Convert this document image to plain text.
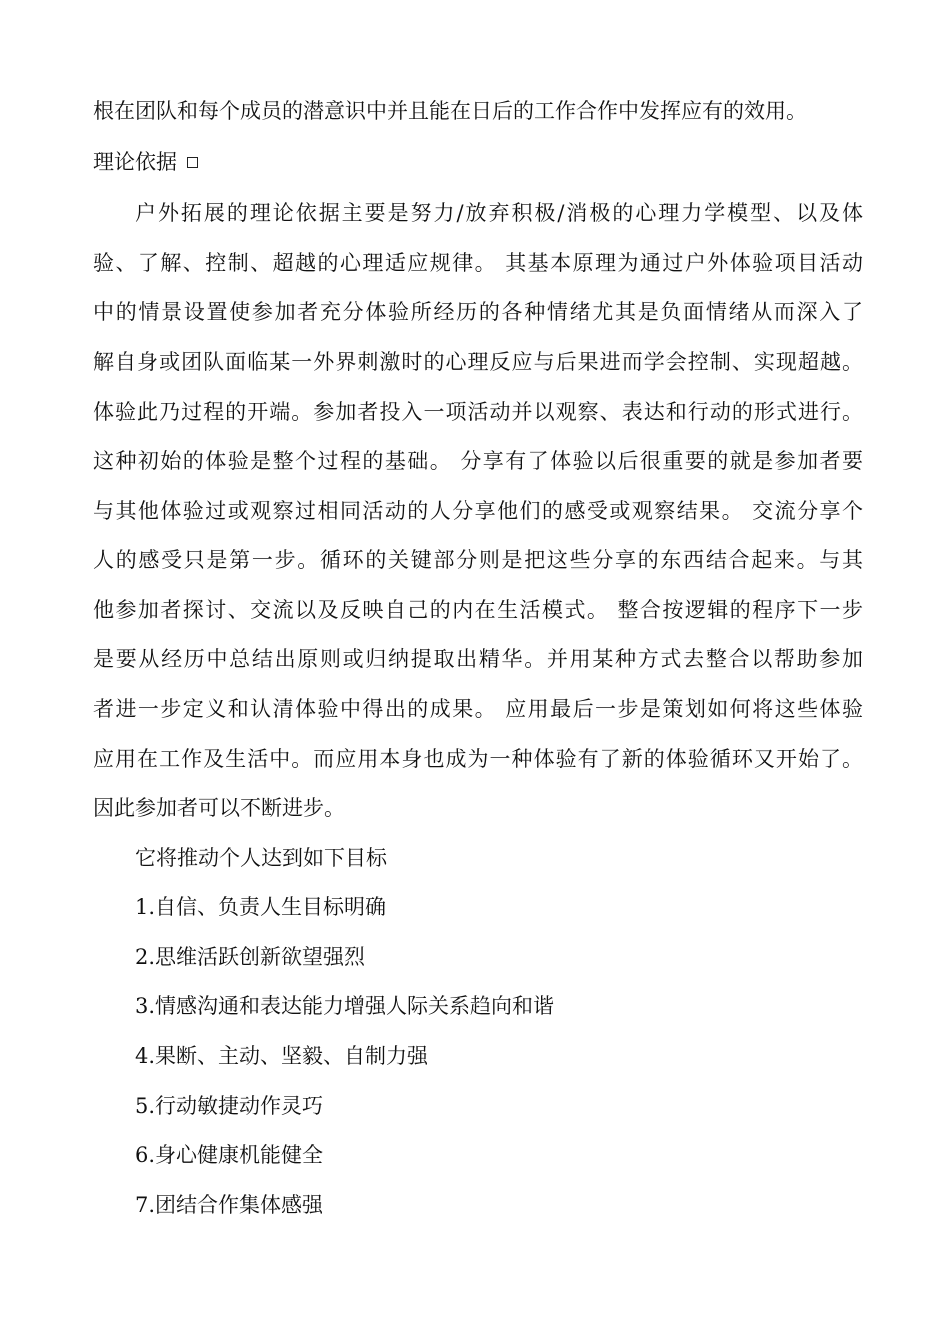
根在团队和每个成员的潜意识中并且能在日后的工作合作中发挥应有的效用。
理论依据
户外拓展的理论依据主要是努力/放弃积极/消极的心理力学模型、以及体
验、了解、控制、超越的心理适应规律。 其基本原理为通过户外体验项目活动
中的情景设置使参加者充分体验所经历的各种情绪尤其是负面情绪从而深入了
解自身或团队面临某一外界刺激时的心理反应与后果进而学会控制、实现超越。
体验此乃过程的开端。参加者投入一项活动并以观察、表达和行动的形式进行。
这种初始的体验是整个过程的基础。 分享有了体验以后很重要的就是参加者要
与其他体验过或观察过相同活动的人分享他们的感受或观察结果。 交流分享个
人的感受只是第一步。循环的关键部分则是把这些分享的东西结合起来。与其
他参加者探讨、交流以及反映自己的内在生活模式。 整合按逻辑的程序下一步
是要从经历中总结出原则或归纳提取出精华。并用某种方式去整合以帮助参加
者进一步定义和认清体验中得出的成果。 应用最后一步是策划如何将这些体验
应用在工作及生活中。而应用本身也成为一种体验有了新的体验循环又开始了。
因此参加者可以不断进步。
它将推动个人达到如下目标
1.自信、负责人生目标明确
2.思维活跃创新欲望强烈
3.情感沟通和表达能力增强人际关系趋向和谐
4.果断、主动、坚毅、自制力强
5.行动敏捷动作灵巧
6.身心健康机能健全
7.团结合作集体感强
